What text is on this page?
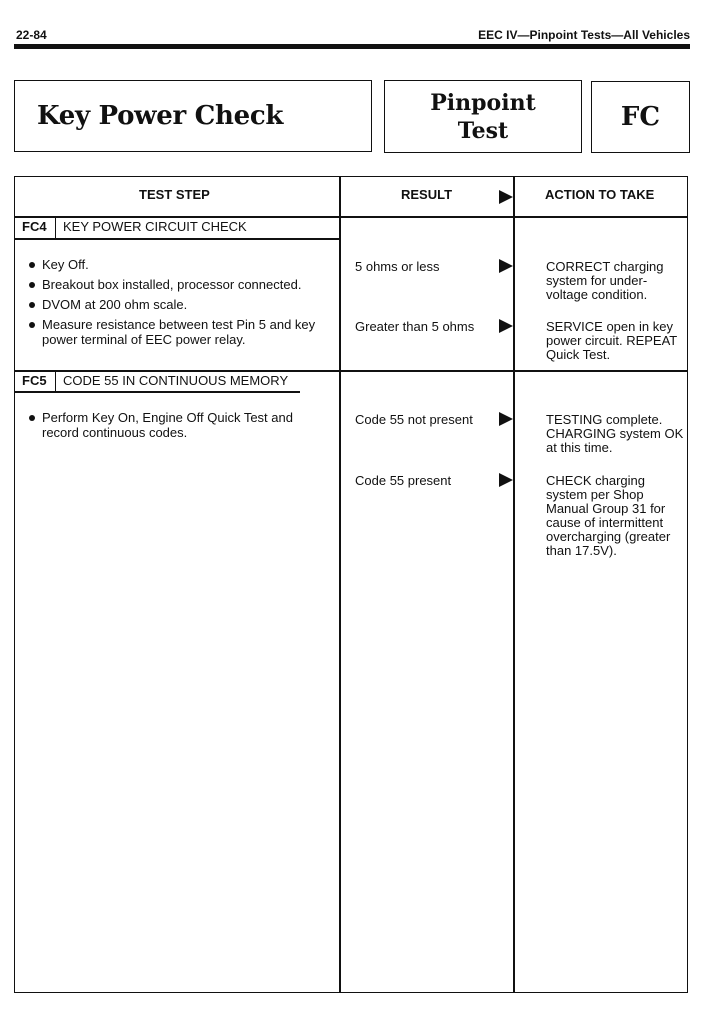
22-84	EEC IV—Pinpoint Tests—All Vehicles
Key Power Check	Pinpoint
Test	FC
TEST STEP	RESULT	ACTION TO TAKE
FC4 KEY POWER CIRCUIT CHECK
Key Off.
Breakout box installed, processor connected.
DVOM at 200 ohm scale.
Measure resistance between test Pin 5 and key power terminal of EEC power relay.
5 ohms or less	CORRECT charging system for under-voltage condition.
Greater than 5 ohms	SERVICE open in key power circuit. REPEAT Quick Test.
FC5 CODE 55 IN CONTINUOUS MEMORY
Perform Key On, Engine Off Quick Test and record continuous codes.
Code 55 not present	TESTING complete. CHARGING system OK at this time.
Code 55 present	CHECK charging system per Shop Manual Group 31 for cause of intermittent overcharging (greater than 17.5V).
